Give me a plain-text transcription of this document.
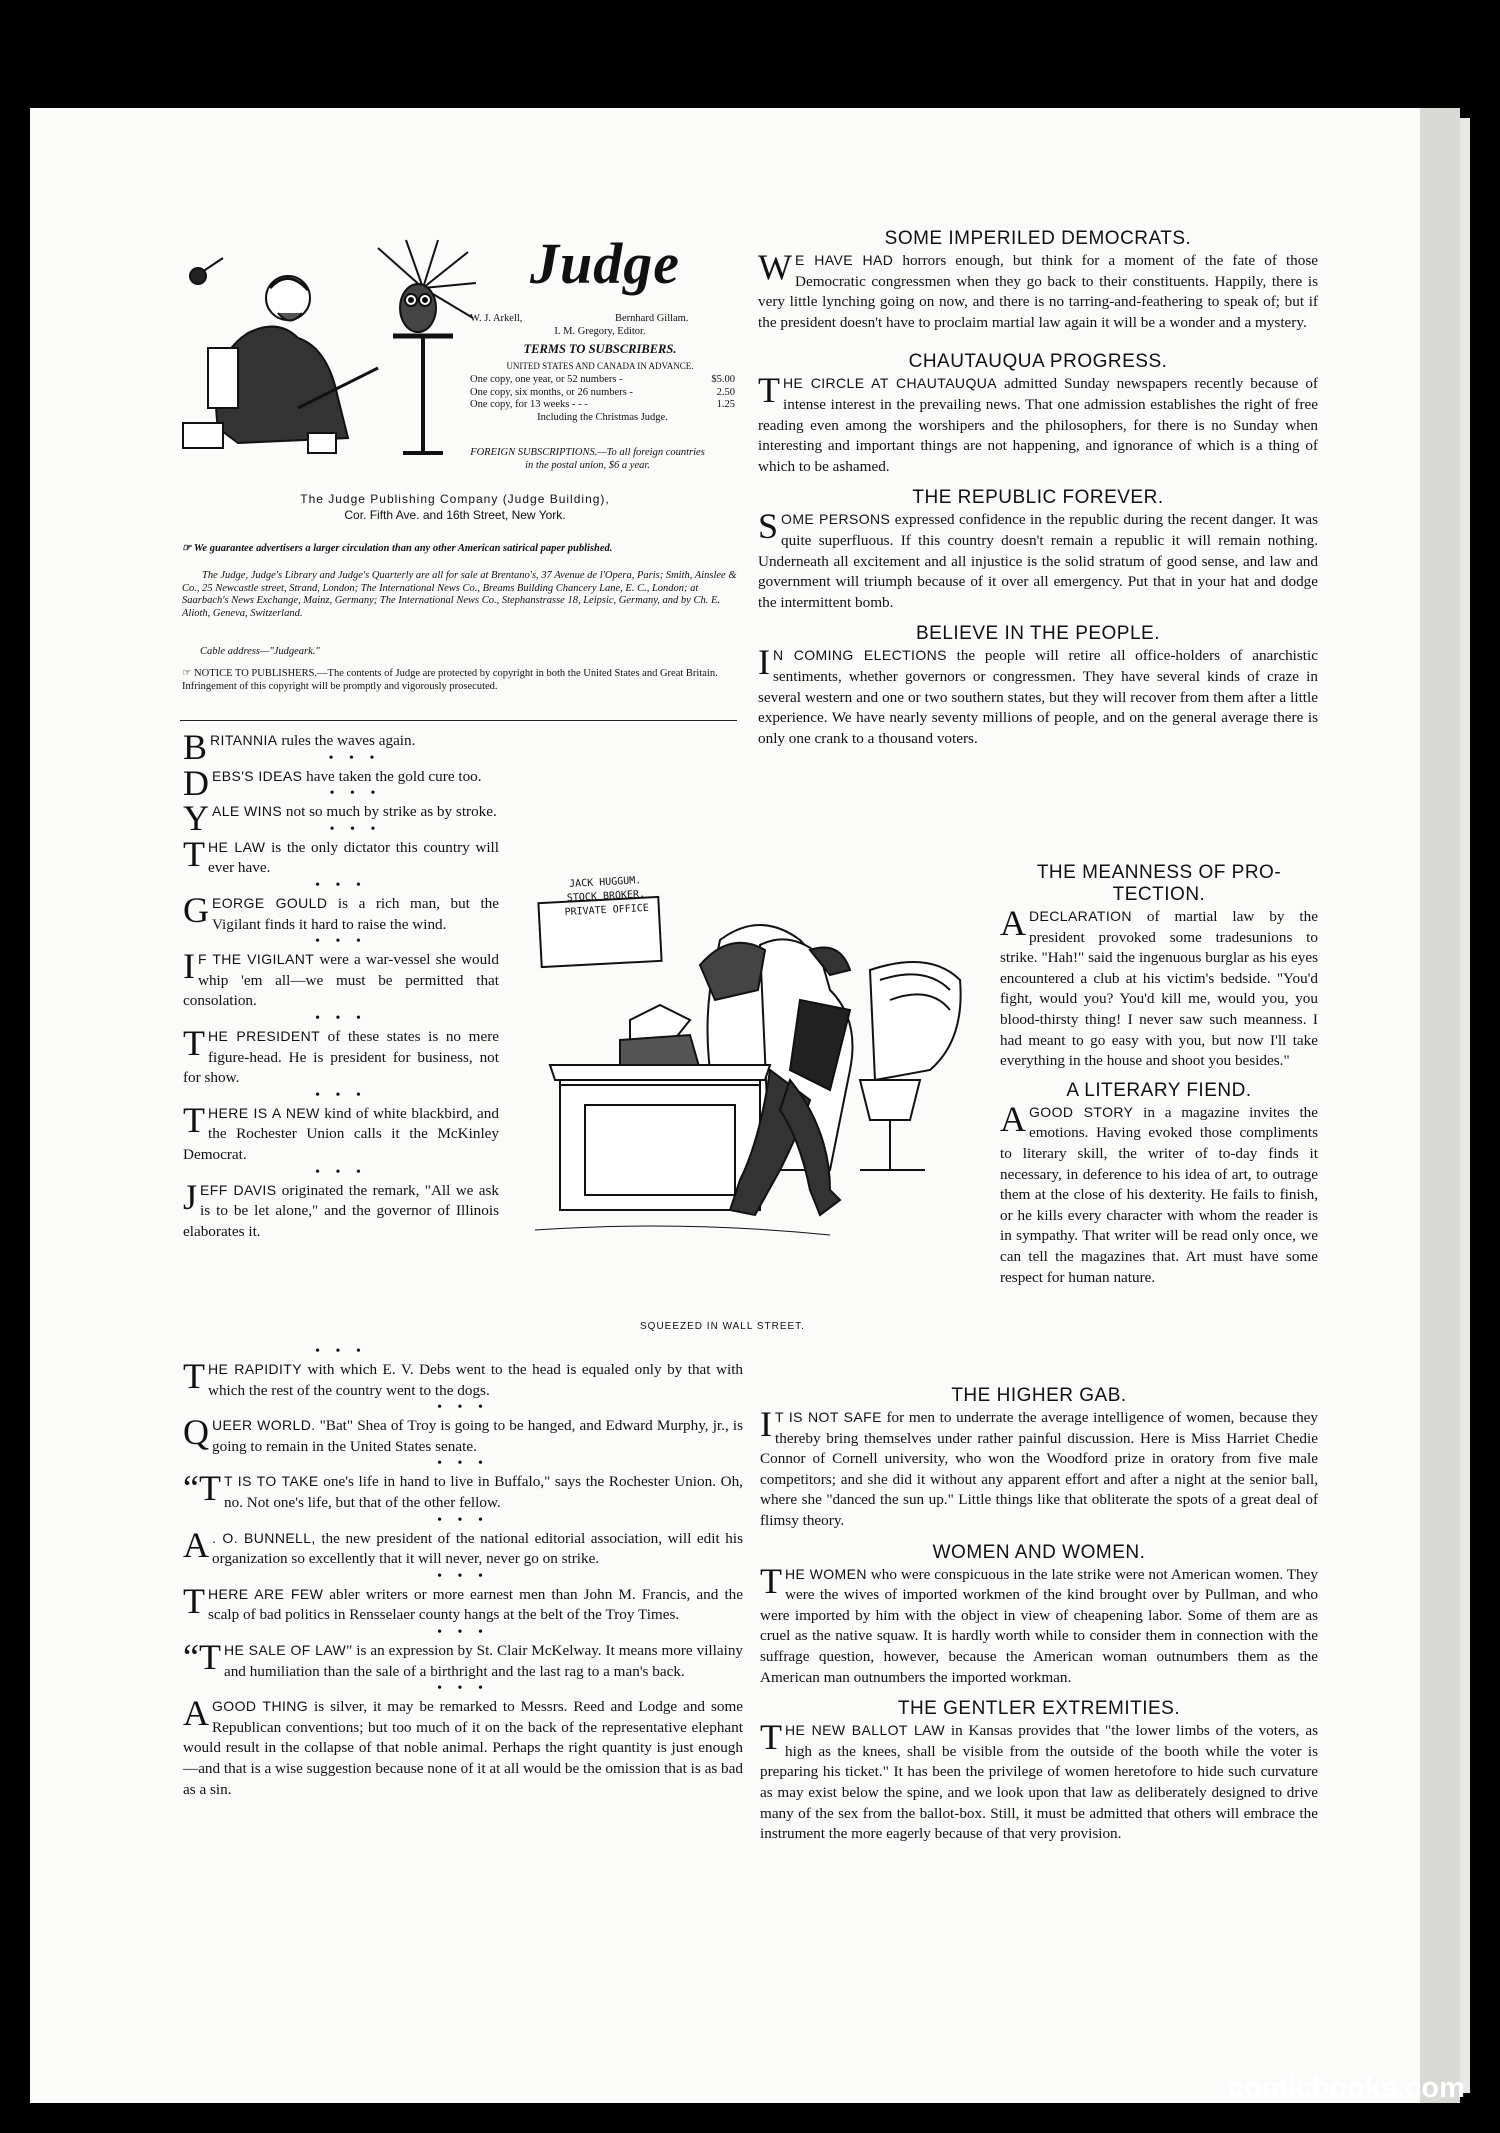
Judge
W. J. Arkell,	Bernhard Gillam.
I. M. Gregory, Editor.
TERMS TO SUBSCRIBERS.
UNITED STATES AND CANADA IN ADVANCE.
One copy, one year, or 52 numbers -	$5.00
One copy, six months, or 26 numbers -	2.50
One copy, for 13 weeks - - -	1.25
Including the Christmas Judge.
FOREIGN SUBSCRIPTIONS.—To all foreign countries in the postal union, $6 a year.
The Judge Publishing Company (Judge Building),
Cor. Fifth Ave. and 16th Street, New York.
☞ We guarantee advertisers a larger circulation than any other American satirical paper published.
The Judge, Judge's Library and Judge's Quarterly are all for sale at Brentano's, 37 Avenue de l'Opera, Paris; Smith, Ainslee & Co., 25 Newcastle street, Strand, London; The International News Co., Breams Building Chancery Lane, E. C., London; at Saarbach's News Exchange, Mainz, Germany; The International News Co., Stephanstrasse 18, Leipsic, Germany, and by Ch. E. Alioth, Geneva, Switzerland.
Cable address—"Judgeark."
☞ NOTICE TO PUBLISHERS.—The contents of Judge are protected by copyright in both the United States and Great Britain. Infringement of this copyright will be promptly and vigorously prosecuted.
BRITANNIA rules the waves again.
• • •
DEBS'S IDEAS have taken the gold cure too.
• • •
YALE WINS not so much by strike as by stroke.
• • •
THE LAW is the only dictator this country will ever have.
• • •
GEORGE GOULD is a rich man, but the Vigilant finds it hard to raise the wind.
• • •
I F THE VIGILANT were a war-vessel she would whip 'em all—we must be permitted that consolation.
• • •
THE PRESIDENT of these states is no mere figure-head. He is president for business, not for show.
• • •
THERE IS A NEW kind of white blackbird, and the Rochester Union calls it the McKinley Democrat.
• • •
JEFF DAVIS originated the remark, "All we ask is to be let alone," and the governor of Illinois elaborates it.
JACK HUGGUM.
STOCK BROKER.
PRIVATE OFFICE
SQUEEZED IN WALL STREET.
• • •
THE RAPIDITY with which E. V. Debs went to the head is equaled only by that with which the rest of the country went to the dogs.
• • •
QUEER WORLD. "Bat" Shea of Troy is going to be hanged, and Edward Murphy, jr., is going to remain in the United States senate.
• • •
“T T IS TO TAKE one's life in hand to live in Buffalo," says the Rochester Union. Oh, no. Not one's life, but that of the other fellow.
• • •
A . O. BUNNELL, the new president of the national editorial association, will edit his organization so excellently that it will never, never go on strike.
• • •
THERE ARE FEW abler writers or more earnest men than John M. Francis, and the scalp of bad politics in Rensselaer county hangs at the belt of the Troy Times.
• • •
“THE SALE OF LAW" is an expression by St. Clair McKelway. It means more villainy and humiliation than the sale of a birthright and the last rag to a man's back.
• • •
AGOOD THING is silver, it may be remarked to Messrs. Reed and Lodge and some Republican conventions; but too much of it on the back of the representative elephant would result in the collapse of that noble animal. Perhaps the right quantity is just enough—and that is a wise suggestion because none of it at all would be the omission that is as bad as a sin.
SOME IMPERILED DEMOCRATS.
W E HAVE HAD horrors enough, but think for a moment of the fate of those Democratic congressmen when they go back to their constituents. Happily, there is very little lynching going on now, and there is no tarring-and-feathering to speak of; but if the president doesn't have to proclaim martial law again it will be a wonder and a mystery.
CHAUTAUQUA PROGRESS.
THE CIRCLE AT CHAUTAUQUA admitted Sunday newspapers recently because of intense interest in the prevailing news. That one admission establishes the right of free reading even among the worshipers and the philosophers, for there is no Sunday when interesting and important things are not happening, and ignorance of which is a thing of which to be ashamed.
THE REPUBLIC FOREVER.
SOME PERSONS expressed confidence in the republic during the recent danger. It was quite superfluous. If this country doesn't remain a republic it will remain nothing. Underneath all excitement and all injustice is the solid stratum of good sense, and law and government will triumph because of it over all emergency. Put that in your hat and dodge the intermittent bomb.
BELIEVE IN THE PEOPLE.
I N COMING ELECTIONS the people will retire all office-holders of anarchistic sentiments, whether governors or congressmen. They have several kinds of craze in several western and one or two southern states, but they will recover from them after a little experience. We have nearly seventy millions of people, and on the general average there is only one crank to a thousand voters.
THE MEANNESS OF PRO-
TECTION.
A DECLARATION of martial law by the president provoked some tradesunions to strike. "Hah!" said the ingenuous burglar as his eyes encountered a club at his victim's bedside. "You'd fight, would you? You'd kill me, would you, you blood-thirsty thing! I never saw such meanness. I had meant to go easy with you, but now I'll take everything in the house and shoot you besides."
A LITERARY FIEND.
A GOOD STORY in a magazine invites the emotions. Having evoked those compliments to literary skill, the writer of to-day finds it necessary, in deference to his idea of art, to outrage them at the close of his dexterity. He fails to finish, or he kills every character with whom the reader is in sympathy. That writer will be read only once, we can tell the magazines that. Art must have some respect for human nature.
THE HIGHER GAB.
I T IS NOT SAFE for men to underrate the average intelligence of women, because they thereby bring themselves under rather painful discussion. Here is Miss Harriet Chedie Connor of Cornell university, who won the Woodford prize in oratory from five male competitors; and she did it without any apparent effort and after a night at the senior ball, where she "danced the sun up." Little things like that obliterate the spots of a great deal of flimsy theory.
WOMEN AND WOMEN.
THE WOMEN who were conspicuous in the late strike were not American women. They were the wives of imported workmen of the kind brought over by Pullman, and who were imported by him with the object in view of cheapening labor. Some of them are as cruel as the native squaw. It is hardly worth while to consider them in connection with the suffrage question, however, because the American woman outnumbers them as the American man outnumbers the imported workman.
THE GENTLER EXTREMITIES.
THE NEW BALLOT LAW in Kansas provides that "the lower limbs of the voters, as high as the knees, shall be visible from the outside of the booth while the voter is preparing his ticket." It has been the privilege of women heretofore to hide such curvature as may exist below the spine, and we look upon that law as deliberately designed to drive many of the sex from the ballot-box. Still, it must be admitted that others will embrace the instrument the more eagerly because of that very provision.
comicbooks.com
